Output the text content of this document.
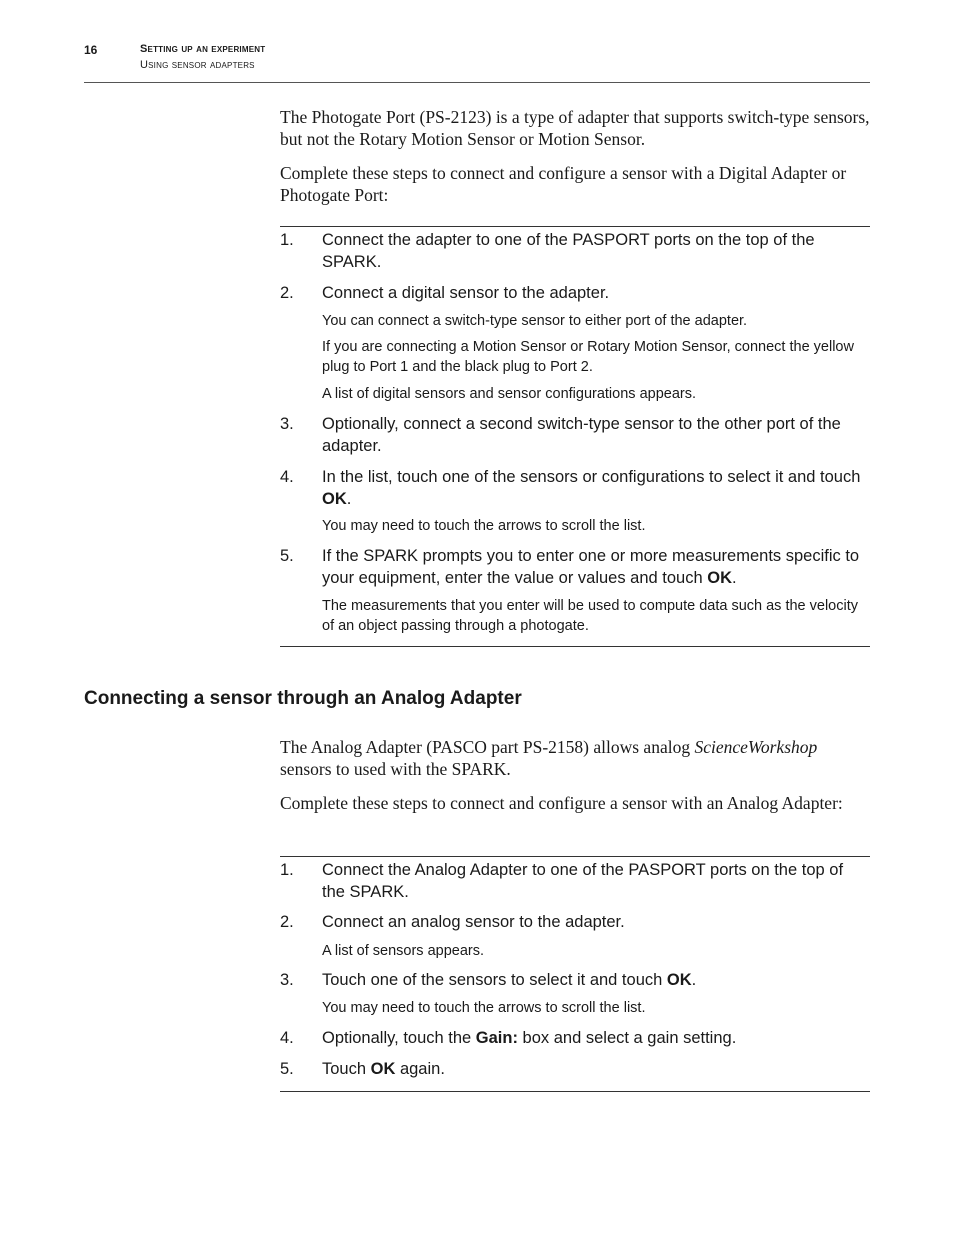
16	Setting up an experiment
Using sensor adapters

The Photogate Port (PS-2123) is a type of adapter that supports switch-type sensors, but not the Rotary Motion Sensor or Motion Sensor.

Complete these steps to connect and configure a sensor with a Digital Adapter or Photogate Port:

1. Connect the adapter to one of the PASPORT ports on the top of the SPARK.
2. Connect a digital sensor to the adapter.
You can connect a switch-type sensor to either port of the adapter.
If you are connecting a Motion Sensor or Rotary Motion Sensor, connect the yellow plug to Port 1 and the black plug to Port 2.
A list of digital sensors and sensor configurations appears.
3. Optionally, connect a second switch-type sensor to the other port of the adapter.
4. In the list, touch one of the sensors or configurations to select it and touch OK.
You may need to touch the arrows to scroll the list.
5. If the SPARK prompts you to enter one or more measurements specific to your equipment, enter the value or values and touch OK.
The measurements that you enter will be used to compute data such as the velocity of an object passing through a photogate.
Connecting a sensor through an Analog Adapter

The Analog Adapter (PASCO part PS-2158) allows analog ScienceWorkshop sensors to used with the SPARK.

Complete these steps to connect and configure a sensor with an Analog Adapter:

1. Connect the Analog Adapter to one of the PASPORT ports on the top of the SPARK.
2. Connect an analog sensor to the adapter.
A list of sensors appears.
3. Touch one of the sensors to select it and touch OK.
You may need to touch the arrows to scroll the list.
4. Optionally, touch the Gain: box and select a gain setting.
5. Touch OK again.
